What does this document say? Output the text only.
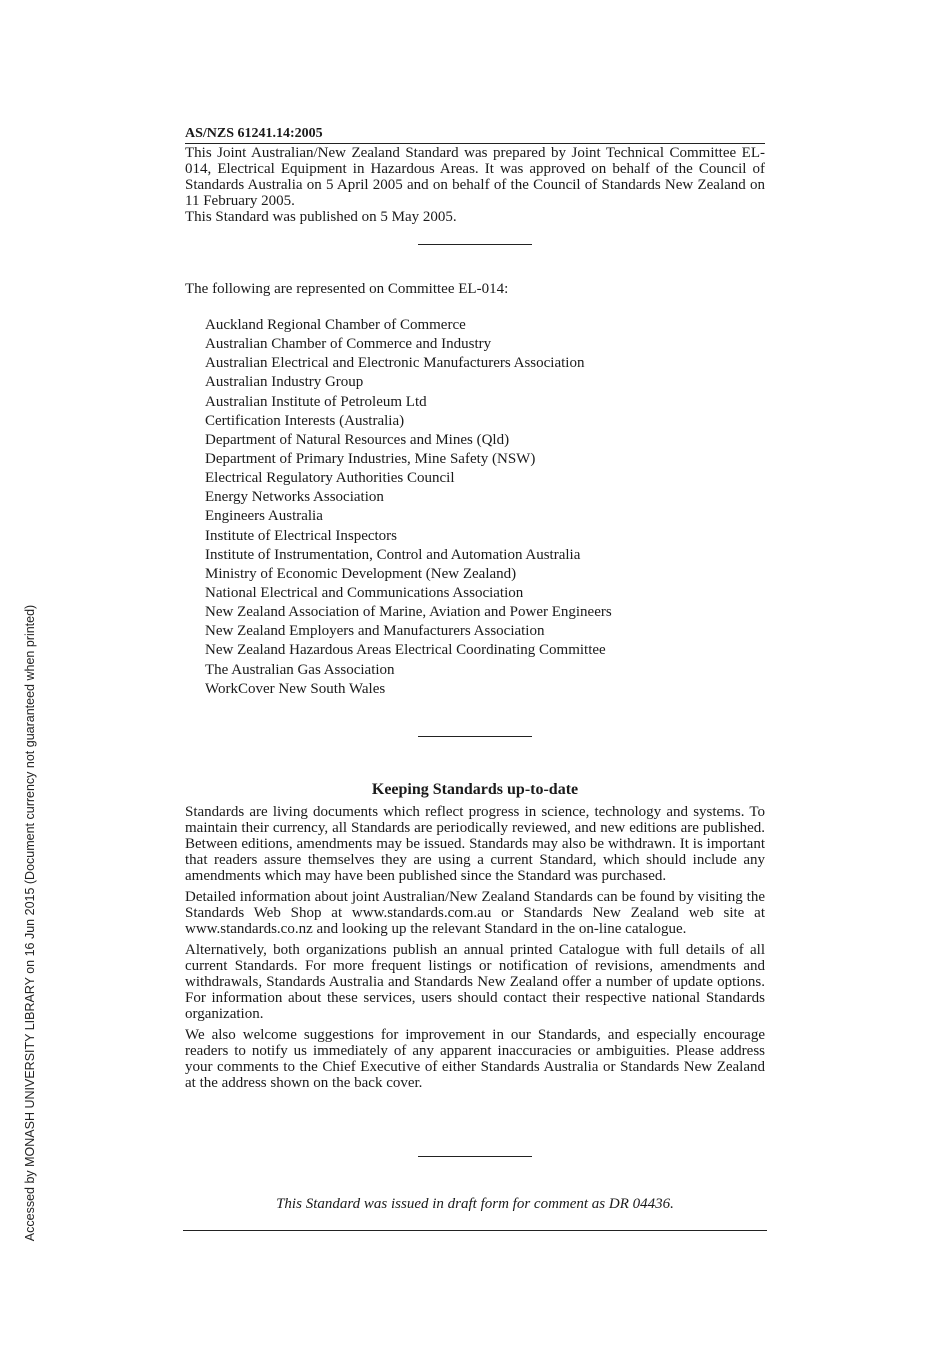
Accessed by MONASH UNIVERSITY LIBRARY on 16 Jun 2015 (Document currency not guaranteed when printed)
AS/NZS 61241.14:2005

This Joint Australian/New Zealand Standard was prepared by Joint Technical Committee EL-014, Electrical Equipment in Hazardous Areas. It was approved on behalf of the Council of Standards Australia on 5 April 2005 and on behalf of the Council of Standards New Zealand on 11 February 2005.

This Standard was published on 5 May 2005.

The following are represented on Committee EL-014:
Auckland Regional Chamber of Commerce
Australian Chamber of Commerce and Industry
Australian Electrical and Electronic Manufacturers Association
Australian Industry Group
Australian Institute of Petroleum Ltd
Certification Interests (Australia)
Department of Natural Resources and Mines (Qld)
Department of Primary Industries, Mine Safety (NSW)
Electrical Regulatory Authorities Council
Energy Networks Association
Engineers Australia
Institute of Electrical Inspectors
Institute of Instrumentation, Control and Automation Australia
Ministry of Economic Development (New Zealand)
National Electrical and Communications Association
New Zealand Association of Marine, Aviation and Power Engineers
New Zealand Employers and Manufacturers Association
New Zealand Hazardous Areas Electrical Coordinating Committee
The Australian Gas Association
WorkCover New South Wales
Keeping Standards up-to-date

Standards are living documents which reflect progress in science, technology and systems. To maintain their currency, all Standards are periodically reviewed, and new editions are published. Between editions, amendments may be issued. Standards may also be withdrawn. It is important that readers assure themselves they are using a current Standard, which should include any amendments which may have been published since the Standard was purchased.

Detailed information about joint Australian/New Zealand Standards can be found by visiting the Standards Web Shop at www.standards.com.au or Standards New Zealand web site at www.standards.co.nz and looking up the relevant Standard in the on-line catalogue.

Alternatively, both organizations publish an annual printed Catalogue with full details of all current Standards. For more frequent listings or notification of revisions, amendments and withdrawals, Standards Australia and Standards New Zealand offer a number of update options. For information about these services, users should contact their respective national Standards organization.

We also welcome suggestions for improvement in our Standards, and especially encourage readers to notify us immediately of any apparent inaccuracies or ambiguities. Please address your comments to the Chief Executive of either Standards Australia or Standards New Zealand at the address shown on the back cover.

This Standard was issued in draft form for comment as DR 04436.
